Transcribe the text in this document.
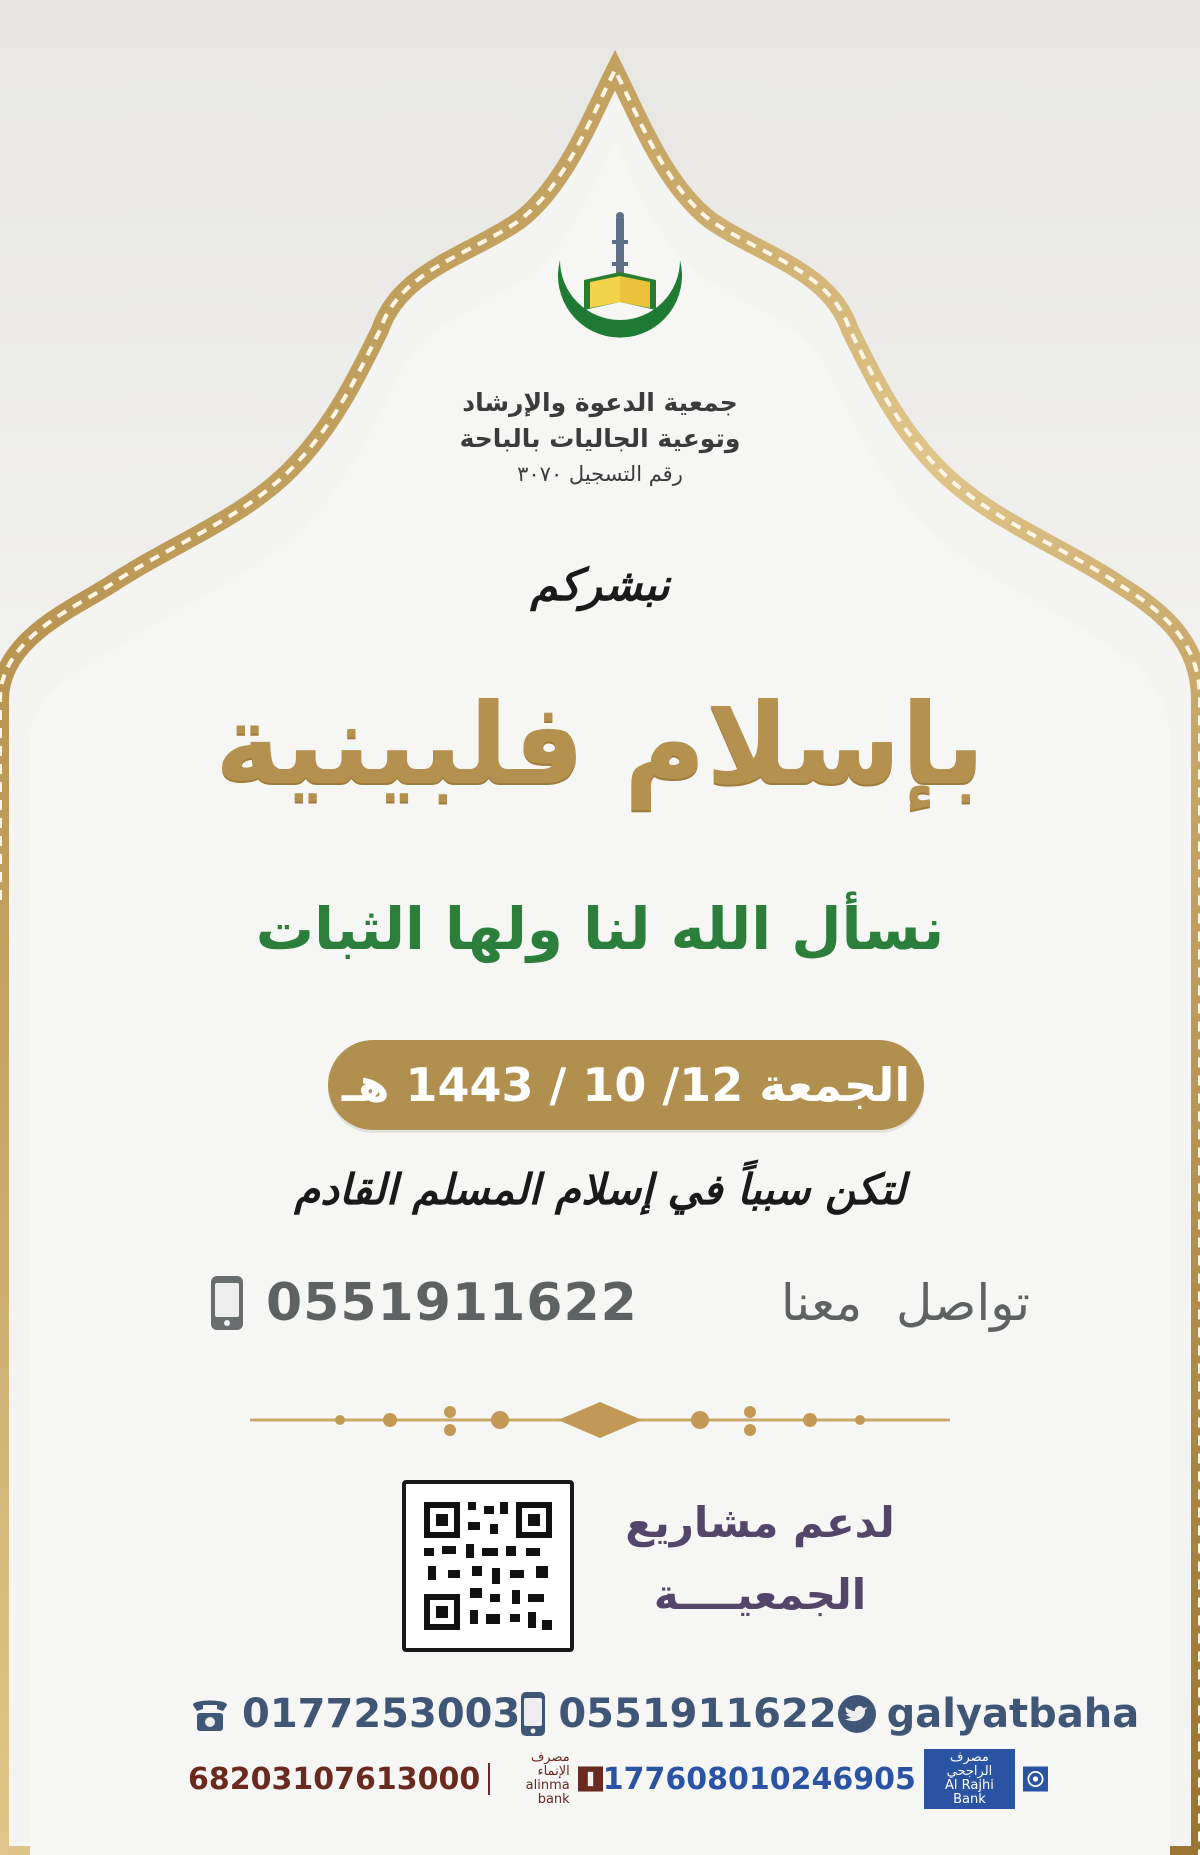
جمعية الدعوة والإرشاد
وتوعية الجاليات بالباحة
رقم التسجيل ٣٠٧٠
نبشركم
بإسلام فلبينية
نسأل الله لنا ولها الثبات
الجمعة 12/ 10 / 1443 هـ
لتكن سبباً في إسلام المسلم القادم
0551911622	تواصل معنا
لدعم مشاريع
الجمعيــــة
0177253003 0551911622 galyatbaha
68203107613000
مصرف الإنماء
alinma bank
177608010246905
مصرف الراجحي
Al Rajhi Bank
